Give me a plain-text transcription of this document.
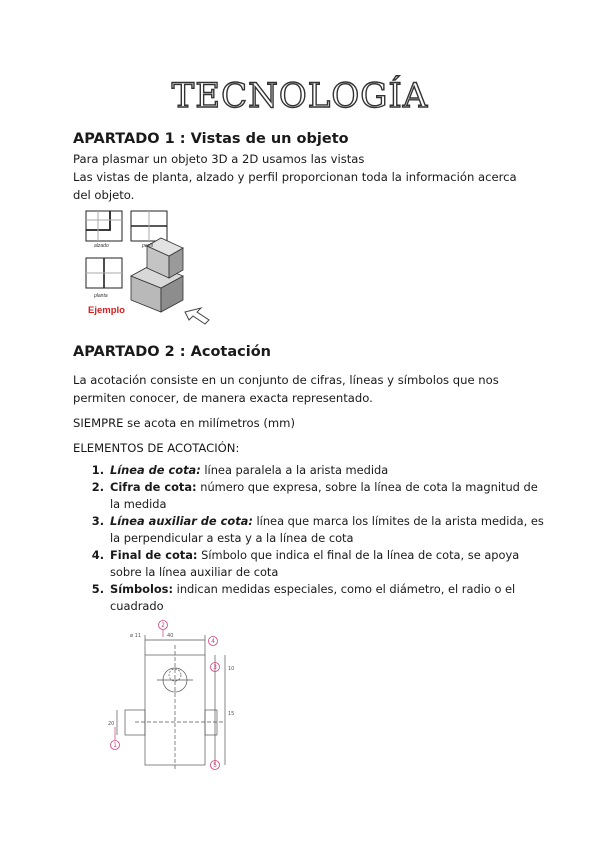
TECNOLOGÍA
APARTADO 1 : Vistas de un objeto

Para plasmar un objeto 3D a 2D usamos las vistas

Las vistas de planta, alzado y perfil proporcionan toda la información acerca del objeto.

alzado	perfil
planta
Ejemplo
APARTADO 2 : Acotación

La acotación consiste en un conjunto de cifras, líneas y símbolos que nos permiten conocer, de manera exacta representado.

SIEMPRE se acota en milímetros (mm)

ELEMENTOS DE ACOTACIÓN:

1. Línea de cota: línea paralela a la arista medida
2. Cifra de cota: número que expresa, sobre la línea de cota la magnitud de la medida
3. Línea auxiliar de cota: línea que marca los límites de la arista medida, es la perpendicular a esta y a la línea de cota
4. Final de cota: Símbolo que indica el final de la línea de cota, se apoya sobre la línea auxiliar de cota
5. Símbolos: indican medidas especiales, como el diámetro, el radio o el cuadrado
ø 11	40
10
15
20
1
2
3
4
5
